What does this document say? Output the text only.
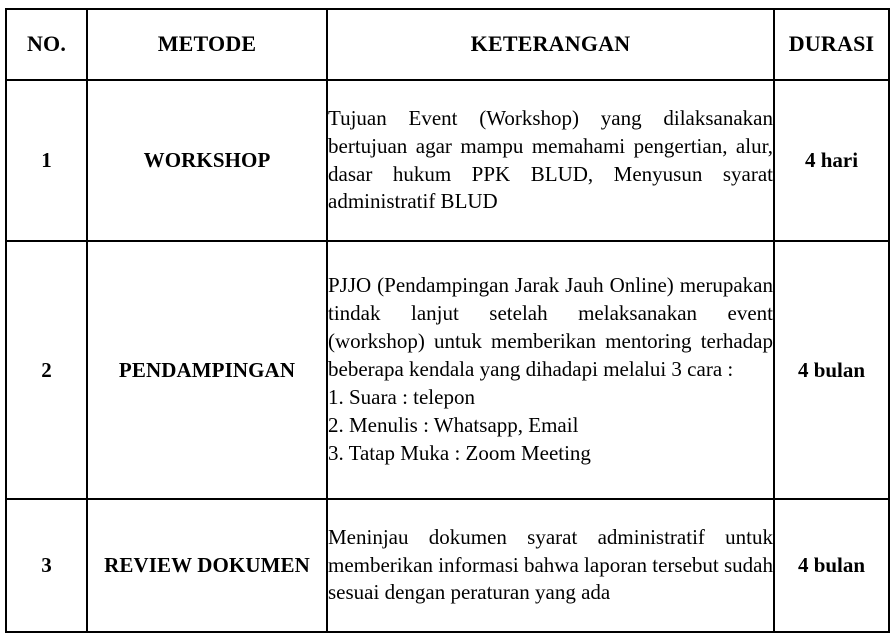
NO.	METODE	KETERANGAN	DURASI
1	WORKSHOP	Tujuan Event (Workshop) yang dilaksanakan bertujuan agar mampu memahami pengertian, alur, dasar hukum PPK BLUD, Menyusun syarat administratif BLUD	4 hari
2	PENDAMPINGAN	PJJO (Pendampingan Jarak Jauh Online) merupakan tindak lanjut setelah melaksanakan event (workshop) untuk memberikan mentoring terhadap beberapa kendala yang dihadapi melalui 3 cara :

1. Suara : telepon

2. Menulis : Whatsapp, Email

3. Tatap Muka : Zoom Meeting	4 bulan
3	REVIEW DOKUMEN	Meninjau dokumen syarat administratif untuk memberikan informasi bahwa laporan tersebut sudah sesuai dengan peraturan yang ada	4 bulan
